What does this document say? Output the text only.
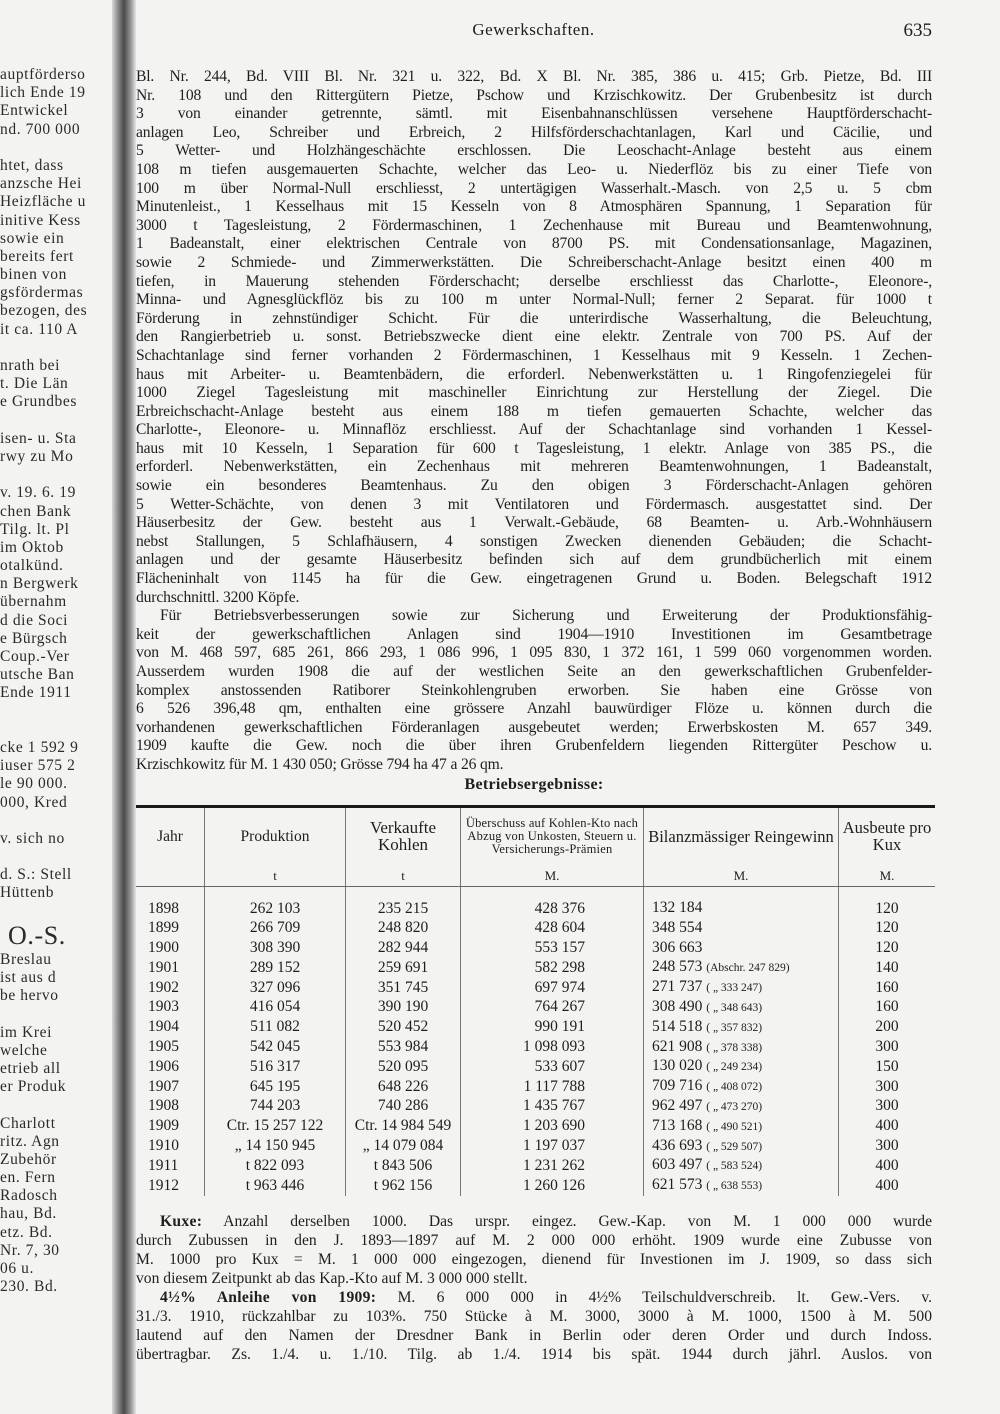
auptförderso
lich Ende 19
Entwickel
nd. 700 000
htet, dass
anzsche Hei
Heizfläche u
initive Kess
sowie ein
bereits fert
binen von
gsfördermas
bezogen, des
it ca. 110 A
nrath bei
t. Die Län
e Grundbes
isen- u. Sta
rwy zu Mo
v. 19. 6. 19
chen Bank
Tilg. lt. Pl
im Oktob
otalkünd.
n Bergwerk
übernahm
d die Soci
e Bürgsch
Coup.-Ver
utsche Ban
Ende 1911
cke 1 592 9
iuser 575 2
le 90 000.
000, Kred
v. sich no
d. S.: Stell
Hüttenb
O.-S.
Breslau
ist aus d
be hervo
im Krei
welche
etrieb all
er Produk
Charlott
ritz. Agn
Zubehör
en. Fern
Radosch
hau, Bd.
etz. Bd.
Nr. 7, 30
06 u.
230. Bd.
Gewerkschaften.	635
Bl. Nr. 244, Bd. VIII Bl. Nr. 321 u. 322, Bd. X Bl. Nr. 385, 386 u. 415; Grb. Pietze, Bd. III
Nr. 108 und den Rittergütern Pietze, Pschow und Krzischkowitz. Der Grubenbesitz ist durch
3 von einander getrennte, sämtl. mit Eisenbahnanschlüssen versehene Hauptförderschacht-
anlagen Leo, Schreiber und Erbreich, 2 Hilfsförderschachtanlagen, Karl und Cäcilie, und
5 Wetter- und Holzhängeschächte erschlossen. Die Leoschacht-Anlage besteht aus einem
108 m tiefen ausgemauerten Schachte, welcher das Leo- u. Niederflöz bis zu einer Tiefe von
100 m über Normal-Null erschliesst, 2 untertägigen Wasserhalt.-Masch. von 2,5 u. 5 cbm
Minutenleist., 1 Kesselhaus mit 15 Kesseln von 8 Atmosphären Spannung, 1 Separation für
3000 t Tagesleistung, 2 Fördermaschinen, 1 Zechenhause mit Bureau und Beamtenwohnung,
1 Badeanstalt, einer elektrischen Centrale von 8700 PS. mit Condensationsanlage, Magazinen,
sowie 2 Schmiede- und Zimmerwerkstätten. Die Schreiberschacht-Anlage besitzt einen 400 m
tiefen, in Mauerung stehenden Förderschacht; derselbe erschliesst das Charlotte-, Eleonore-,
Minna- und Agnesglückflöz bis zu 100 m unter Normal-Null; ferner 2 Separat. für 1000 t
Förderung in zehnstündiger Schicht. Für die unterirdische Wasserhaltung, die Beleuchtung,
den Rangierbetrieb u. sonst. Betriebszwecke dient eine elektr. Zentrale von 700 PS. Auf der
Schachtanlage sind ferner vorhanden 2 Fördermaschinen, 1 Kesselhaus mit 9 Kesseln. 1 Zechen-
haus mit Arbeiter- u. Beamtenbädern, die erforderl. Nebenwerkstätten u. 1 Ringofenziegelei für
1000 Ziegel Tagesleistung mit maschineller Einrichtung zur Herstellung der Ziegel. Die
Erbreichschacht-Anlage besteht aus einem 188 m tiefen gemauerten Schachte, welcher das
Charlotte-, Eleonore- u. Minnaflöz erschliesst. Auf der Schachtanlage sind vorhanden 1 Kessel-
haus mit 10 Kesseln, 1 Separation für 600 t Tagesleistung, 1 elektr. Anlage von 385 PS., die
erforderl. Nebenwerkstätten, ein Zechenhaus mit mehreren Beamtenwohnungen, 1 Badeanstalt,
sowie ein besonderes Beamtenhaus. Zu den obigen 3 Förderschacht-Anlagen gehören
5 Wetter-Schächte, von denen 3 mit Ventilatoren und Fördermasch. ausgestattet sind. Der
Häuserbesitz der Gew. besteht aus 1 Verwalt.-Gebäude, 68 Beamten- u. Arb.-Wohnhäusern
nebst Stallungen, 5 Schlafhäusern, 4 sonstigen Zwecken dienenden Gebäuden; die Schacht-
anlagen und der gesamte Häuserbesitz befinden sich auf dem grundbücherlich mit einem
Flächeninhalt von 1145 ha für die Gew. eingetragenen Grund u. Boden. Belegschaft 1912
durchschnittl. 3200 Köpfe.
Für Betriebsverbesserungen sowie zur Sicherung und Erweiterung der Produktionsfähig-
keit der gewerkschaftlichen Anlagen sind 1904—1910 Investitionen im Gesamtbetrage
von M. 468 597, 685 261, 866 293, 1 086 996, 1 095 830, 1 372 161, 1 599 060 vorgenommen worden.
Ausserdem wurden 1908 die auf der westlichen Seite an den gewerkschaftlichen Grubenfelder-
komplex anstossenden Ratiborer Steinkohlengruben erworben. Sie haben eine Grösse von
6 526 396,48 qm, enthalten eine grössere Anzahl bauwürdiger Flöze u. können durch die
vorhandenen gewerkschaftlichen Förderanlagen ausgebeutet werden; Erwerbskosten M. 657 349.
1909 kaufte die Gew. noch die über ihren Grubenfeldern liegenden Rittergüter Peschow u.
Krzischkowitz für M. 1 430 050; Grösse 794 ha 47 a 26 qm.
Betriebsergebnisse:

Jahr	Produktion	Verkaufte Kohlen	Überschuss auf Kohlen-Kto nach Abzug von Unkosten, Steuern u. Versicherungs-Prämien	Bilanzmässiger Reingewinn	Ausbeute pro Kux
	t	t	M.	M.	M.

1898	262 103	235 215	428 376	132 184	120
1899	266 709	248 820	428 604	348 554	120
1900	308 390	282 944	553 157	306 663	120
1901	289 152	259 691	582 298	248 573 (Abschr. 247 829)	140
1902	327 096	351 745	697 974	271 737 ( „ 333 247)	160
1903	416 054	390 190	764 267	308 490 ( „ 348 643)	160
1904	511 082	520 452	990 191	514 518 ( „ 357 832)	200
1905	542 045	553 984	1 098 093	621 908 ( „ 378 338)	300
1906	516 317	520 095	533 607	130 020 ( „ 249 234)	150
1907	645 195	648 226	1 117 788	709 716 ( „ 408 072)	300
1908	744 203	740 286	1 435 767	962 497 ( „ 473 270)	300
1909	Ctr. 15 257 122	Ctr. 14 984 549	1 203 690	713 168 ( „ 490 521)	400
1910	„ 14 150 945	„ 14 079 084	1 197 037	436 693 ( „ 529 507)	300
1911	t 822 093	t 843 506	1 231 262	603 497 ( „ 583 524)	400
1912	t 963 446	t 962 156	1 260 126	621 573 ( „ 638 553)	400
Kuxe: Anzahl derselben 1000. Das urspr. eingez. Gew.-Kap. von M. 1 000 000 wurde
durch Zubussen in den J. 1893—1897 auf M. 2 000 000 erhöht. 1909 wurde eine Zubusse von
M. 1000 pro Kux = M. 1 000 000 eingezogen, dienend für Investionen im J. 1909, so dass sich
von diesem Zeitpunkt ab das Kap.-Kto auf M. 3 000 000 stellt.
4½% Anleihe von 1909: M. 6 000 000 in 4½% Teilschuldverschreib. lt. Gew.-Vers. v.
31./3. 1910, rückzahlbar zu 103%. 750 Stücke à M. 3000, 3000 à M. 1000, 1500 à M. 500
lautend auf den Namen der Dresdner Bank in Berlin oder deren Order und durch Indoss.
übertragbar. Zs. 1./4. u. 1./10. Tilg. ab 1./4. 1914 bis spät. 1944 durch jährl. Auslos. von
